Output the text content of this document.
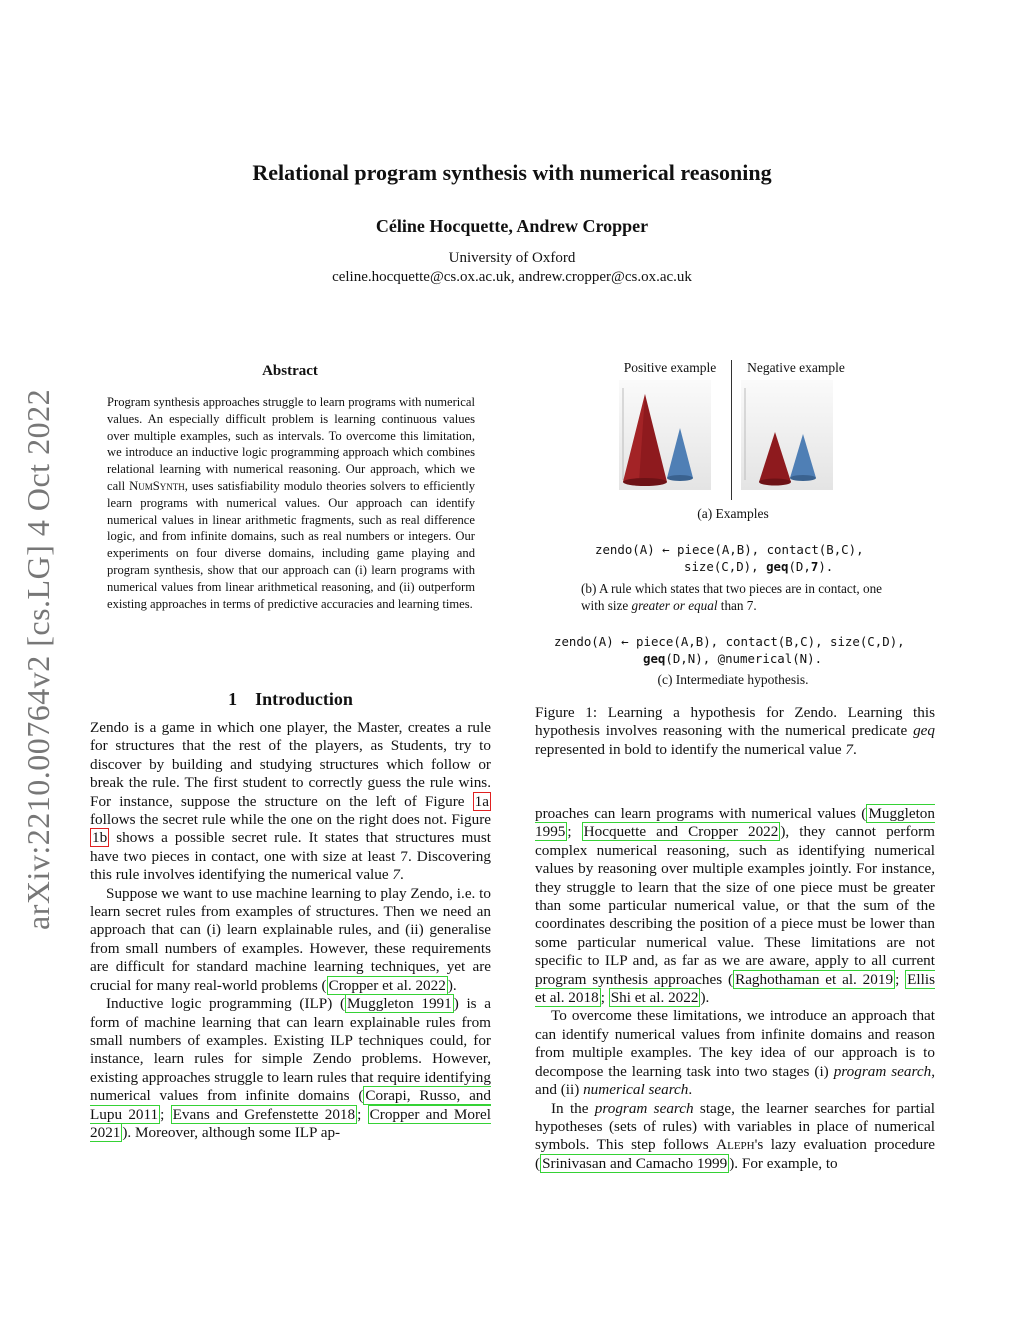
Relational program synthesis with numerical reasoning
Céline Hocquette, Andrew Cropper
University of Oxford
celine.hocquette@cs.ox.ac.uk, andrew.cropper@cs.ox.ac.uk
arXiv:2210.00764v2 [cs.LG] 4 Oct 2022
Abstract
Program synthesis approaches struggle to learn programs with numerical values. An especially difficult problem is learning continuous values over multiple examples, such as intervals. To overcome this limitation, we introduce an inductive logic programming approach which combines relational learning with numerical reasoning. Our approach, which we call NumSynth, uses satisfiability modulo theories solvers to efficiently learn programs with numerical values. Our approach can identify numerical values in linear arithmetic fragments, such as real difference logic, and from infinite domains, such as real numbers or integers. Our experiments on four diverse domains, including game playing and program synthesis, show that our approach can (i) learn programs with numerical values from linear arithmetical reasoning, and (ii) outperform existing approaches in terms of predictive accuracies and learning times.
1 Introduction

Zendo is a game in which one player, the Master, creates a rule for structures that the rest of the players, as Students, try to discover by building and studying structures which follow or break the rule. The first student to correctly guess the rule wins. For instance, suppose the structure on the left of Figure 1a follows the secret rule while the one on the right does not. Figure 1b shows a possible secret rule. It states that structures must have two pieces in contact, one with size at least 7. Discovering this rule involves identifying the numerical value 7.

Suppose we want to use machine learning to play Zendo, i.e. to learn secret rules from examples of structures. Then we need an approach that can (i) learn explainable rules, and (ii) generalise from small numbers of examples. However, these requirements are difficult for standard machine learning techniques, yet are crucial for many real-world problems ( Cropper et al. 2022 ).

Inductive logic programming (ILP) ( Muggleton 1991 ) is a form of machine learning that can learn explainable rules from small numbers of examples. Existing ILP techniques could, for instance, learn rules for simple Zendo problems. However, existing approaches struggle to learn rules that require identifying numerical values from infinite domains ( Corapi, Russo, and Lupu 2011 ; Evans and Grefenstette 2018 ; Cropper and Morel 2021 ). Moreover, although some ILP ap-

Positive example	Negative example
(a) Examples
zendo(A) ← piece(A,B), contact(B,C),
size(C,D), geq(D,7).
(b) A rule which states that two pieces are in contact, one with size greater or equal than 7.
zendo(A) ← piece(A,B), contact(B,C), size(C,D),
geq(D,N), @numerical(N).
(c) Intermediate hypothesis.
Figure 1: Learning a hypothesis for Zendo. Learning this hypothesis involves reasoning with the numerical predicate geq represented in bold to identify the numerical value 7.

proaches can learn programs with numerical values ( Muggleton 1995 ; Hocquette and Cropper 2022 ), they cannot perform complex numerical reasoning, such as identifying numerical values by reasoning over multiple examples jointly. For instance, they struggle to learn that the size of one piece must be greater than some particular numerical value, or that the sum of the coordinates describing the position of a piece must be lower than some particular numerical value. These limitations are not specific to ILP and, as far as we are aware, apply to all current program synthesis approaches ( Raghothaman et al. 2019 ; Ellis et al. 2018 ; Shi et al. 2022 ).

To overcome these limitations, we introduce an approach that can identify numerical values from infinite domains and reason from multiple examples. The key idea of our approach is to decompose the learning task into two stages (i) program search, and (ii) numerical search.

In the program search stage, the learner searches for partial hypotheses (sets of rules) with variables in place of numerical symbols. This step follows Aleph's lazy evaluation procedure ( Srinivasan and Camacho 1999 ). For example, to
